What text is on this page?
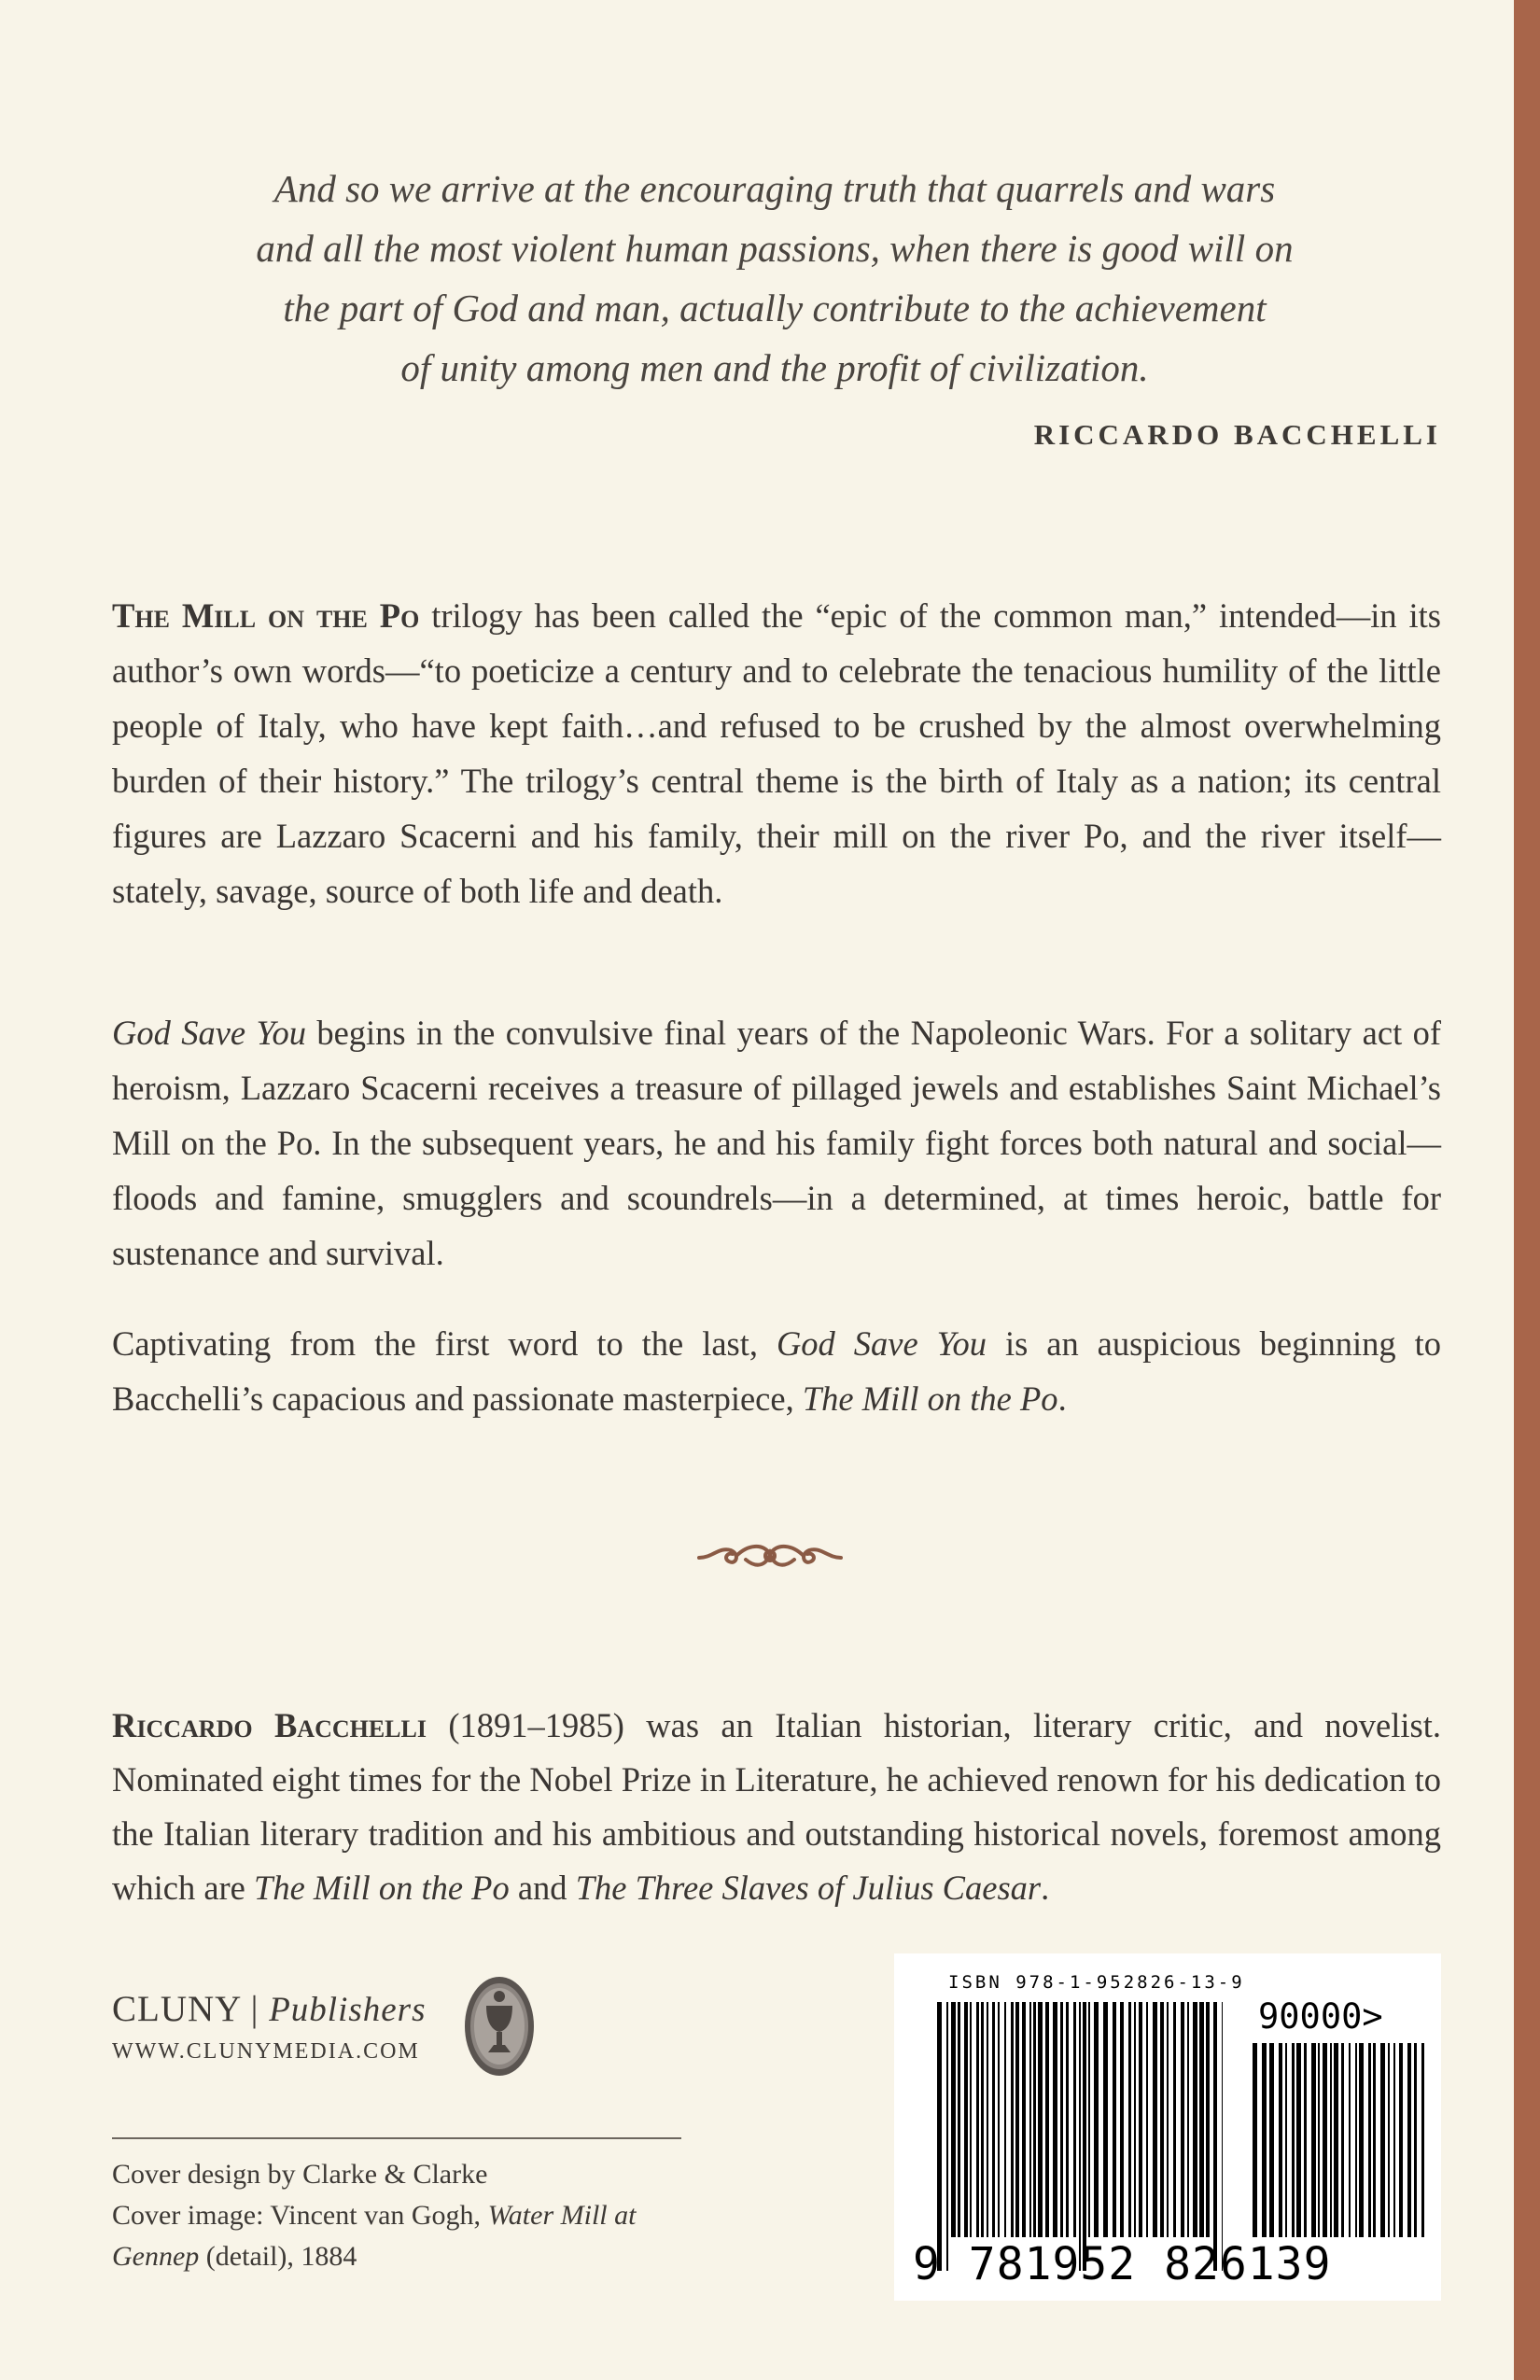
And so we arrive at the encouraging truth that quarrels and wars
and all the most violent human passions, when there is good will on
the part of God and man, actually contribute to the achievement
of unity among men and the profit of civilization.
RICCARDO BACCHELLI

The Mill on the Po trilogy has been called the “epic of the common man,” intended—in its author’s own words—“to poeticize a century and to celebrate the tenacious humility of the little people of Italy, who have kept faith…and refused to be crushed by the almost overwhelming burden of their history.” The trilogy’s central theme is the birth of Italy as a nation; its central figures are Lazzaro Scacerni and his family, their mill on the river Po, and the river itself—stately, savage, source of both life and death.

God Save You begins in the convulsive final years of the Napoleonic Wars. For a solitary act of heroism, Lazzaro Scacerni receives a treasure of pillaged jewels and establishes Saint Michael’s Mill on the Po. In the subsequent years, he and his family fight forces both natural and social—floods and famine, smugglers and scoundrels—in a determined, at times heroic, battle for sustenance and survival.

Captivating from the first word to the last, God Save You is an auspicious beginning to Bacchelli’s capacious and passionate masterpiece, The Mill on the Po.

Riccardo Bacchelli (1891–1985) was an Italian historian, literary critic, and novelist. Nominated eight times for the Nobel Prize in Literature, he achieved renown for his dedication to the Italian literary tradition and his ambitious and outstanding historical novels, foremost among which are The Mill on the Po and The Three Slaves of Julius Caesar.

CLUNY | Publishers
WWW.CLUNYMEDIA.COM

Cover design by Clarke & Clarke

Cover image: Vincent van Gogh, Water Mill at Gennep (detail), 1884

ISBN 978-1-952826-13-9
90000>
9 781952 826139
